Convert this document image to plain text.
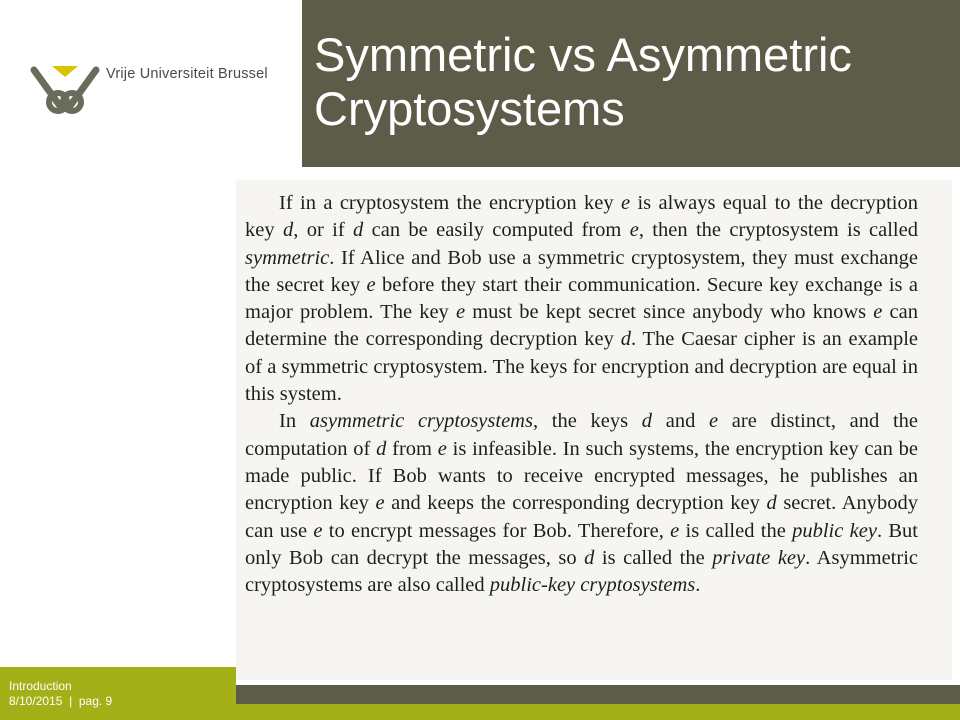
Vrije Universiteit Brussel Symmetric vs Asymmetric
Cryptosystems

If in a cryptosystem the encryption key e is always equal to the decryption key d, or if d can be easily computed from e, then the cryptosystem is called symmetric. If Alice and Bob use a symmetric cryptosystem, they must exchange the secret key e before they start their communication. Secure key exchange is a major problem. The key e must be kept secret since anybody who knows e can determine the corresponding decryption key d. The Caesar cipher is an example of a symmetric cryptosystem. The keys for encryption and decryption are equal in this system.

In asymmetric cryptosystems, the keys d and e are distinct, and the computation of d from e is infeasible. In such systems, the encryption key can be made public. If Bob wants to receive encrypted messages, he publishes an encryption key e and keeps the corresponding decryption key d secret. Anybody can use e to encrypt messages for Bob. Therefore, e is called the public key. But only Bob can decrypt the messages, so d is called the private key. Asymmetric cryptosystems are also called public-key cryptosystems.

Introduction
8/10/2015 | pag. 9
